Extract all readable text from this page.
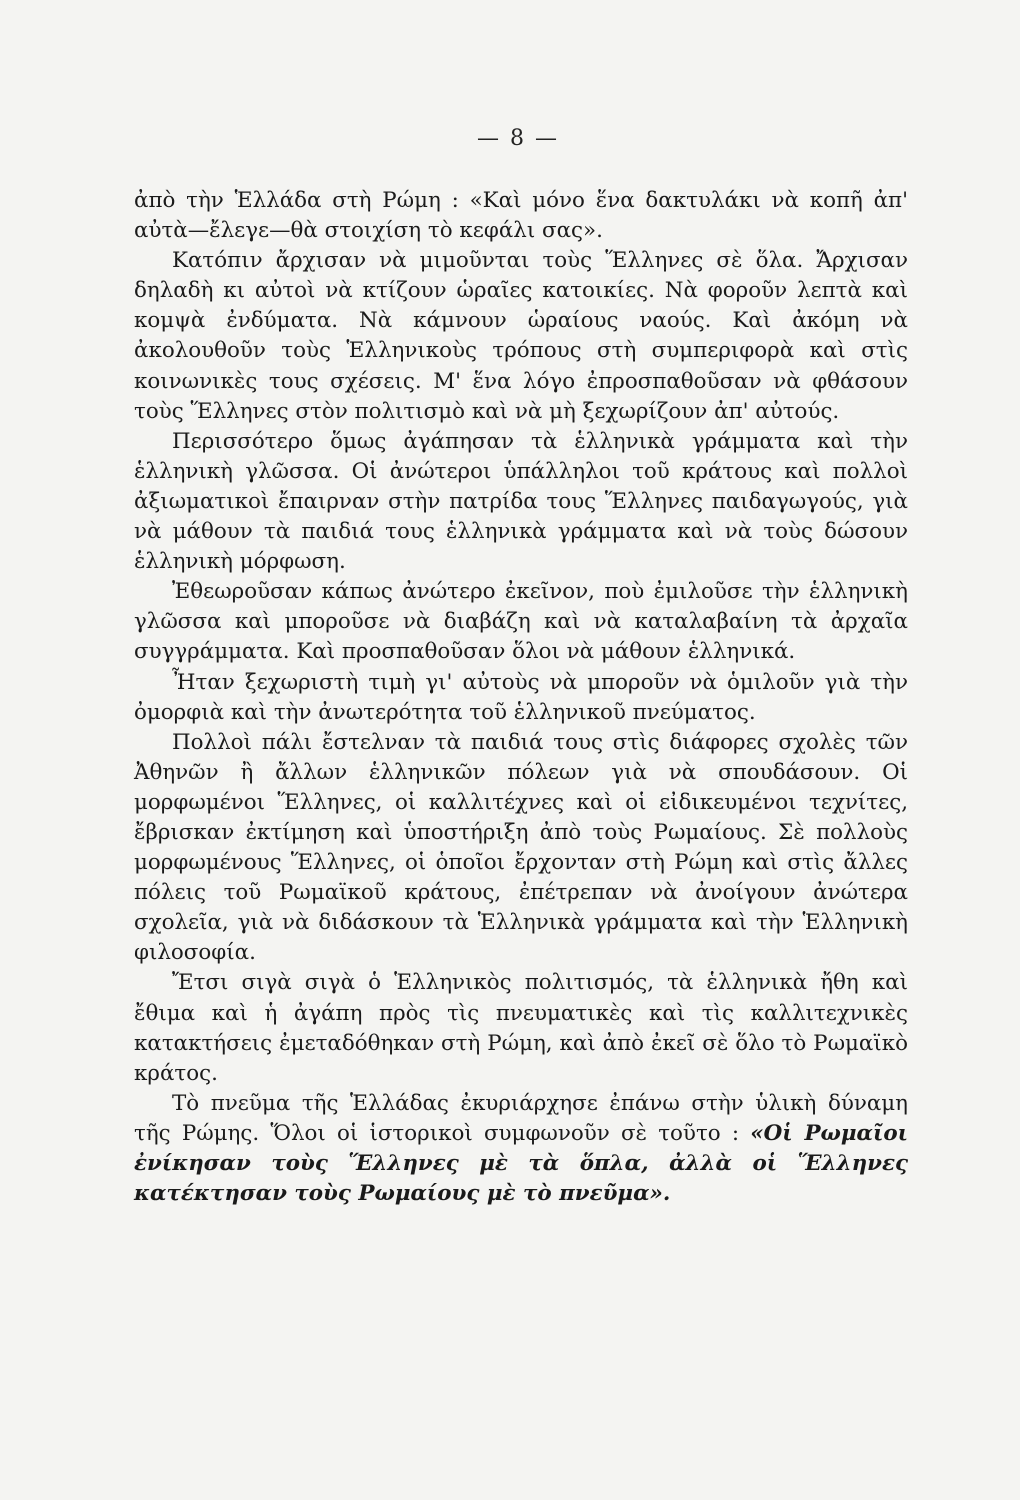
— 8 —

ἀπὸ τὴν Ἑλλάδα στὴ Ρώμη : «Καὶ μόνο ἕνα δακτυλάκι νὰ κοπῆ ἀπ' αὐτὰ—ἔλεγε—θὰ στοιχίση τὸ κεφάλι σας».

Κατόπιν ἄρχισαν νὰ μιμοῦνται τοὺς Ἕλληνες σὲ ὅλα. Ἄρχισαν δηλαδὴ κι αὐτοὶ νὰ κτίζουν ὡραῖες κατοικίες. Νὰ φοροῦν λεπτὰ καὶ κομψὰ ἐνδύματα. Νὰ κάμνουν ὡραίους ναούς. Καὶ ἀκόμη νὰ ἀκολουθοῦν τοὺς Ἑλληνικοὺς τρόπους στὴ συμπεριφορὰ καὶ στὶς κοινωνικὲς τους σχέσεις. Μ' ἕνα λόγο ἐπροσπαθοῦσαν νὰ φθάσουν τοὺς Ἕλληνες στὸν πολιτισμὸ καὶ νὰ μὴ ξεχωρίζουν ἀπ' αὐτούς.

Περισσότερο ὅμως ἀγάπησαν τὰ ἑλληνικὰ γράμματα καὶ τὴν ἑλληνικὴ γλῶσσα. Οἱ ἀνώτεροι ὑπάλληλοι τοῦ κράτους καὶ πολλοὶ ἀξιωματικοὶ ἔπαιρναν στὴν πατρίδα τους Ἕλληνες παιδαγωγούς, γιὰ νὰ μάθουν τὰ παιδιά τους ἑλληνικὰ γράμματα καὶ νὰ τοὺς δώσουν ἑλληνικὴ μόρφωση.

Ἐθεωροῦσαν κάπως ἀνώτερο ἐκεῖνον, ποὺ ἐμιλοῦσε τὴν ἑλληνικὴ γλῶσσα καὶ μποροῦσε νὰ διαβάζη καὶ νὰ καταλαβαίνη τὰ ἀρχαῖα συγγράμματα. Καὶ προσπαθοῦσαν ὅλοι νὰ μάθουν ἑλληνικά.

Ἦταν ξεχωριστὴ τιμὴ γι' αὐτοὺς νὰ μποροῦν νὰ ὁμιλοῦν γιὰ τὴν ὀμορφιὰ καὶ τὴν ἀνωτερότητα τοῦ ἑλληνικοῦ πνεύματος.

Πολλοὶ πάλι ἔστελναν τὰ παιδιά τους στὶς διάφορες σχολὲς τῶν Ἀθηνῶν ἢ ἄλλων ἑλληνικῶν πόλεων γιὰ νὰ σπουδάσουν. Οἱ μορφωμένοι Ἕλληνες, οἱ καλλιτέχνες καὶ οἱ εἰδικευμένοι τεχνίτες, ἔβρισκαν ἐκτίμηση καὶ ὑποστήριξη ἀπὸ τοὺς Ρωμαίους. Σὲ πολλοὺς μορφωμένους Ἕλληνες, οἱ ὁποῖοι ἔρχονταν στὴ Ρώμη καὶ στὶς ἄλλες πόλεις τοῦ Ρωμαϊκοῦ κράτους, ἐπέτρεπαν νὰ ἀνοίγουν ἀνώτερα σχολεῖα, γιὰ νὰ διδάσκουν τὰ Ἑλληνικὰ γράμματα καὶ τὴν Ἑλληνικὴ φιλοσοφία.

Ἔτσι σιγὰ σιγὰ ὁ Ἑλληνικὸς πολιτισμός, τὰ ἑλληνικὰ ἤθη καὶ ἔθιμα καὶ ἡ ἀγάπη πρὸς τὶς πνευματικὲς καὶ τὶς καλλιτεχνικὲς κατακτήσεις ἐμεταδόθηκαν στὴ Ρώμη, καὶ ἀπὸ ἐκεῖ σὲ ὅλο τὸ Ρωμαϊκὸ κράτος.

Τὸ πνεῦμα τῆς Ἑλλάδας ἐκυριάρχησε ἐπάνω στὴν ὑλικὴ δύναμη τῆς Ρώμης. Ὅλοι οἱ ἱστορικοὶ συμφωνοῦν σὲ τοῦτο : «Οἱ Ρωμαῖοι ἐνίκησαν τοὺς Ἕλληνες μὲ τὰ ὅπλα, ἀλλὰ οἱ Ἕλληνες κατέκτησαν τοὺς Ρωμαίους μὲ τὸ πνεῦμα».
